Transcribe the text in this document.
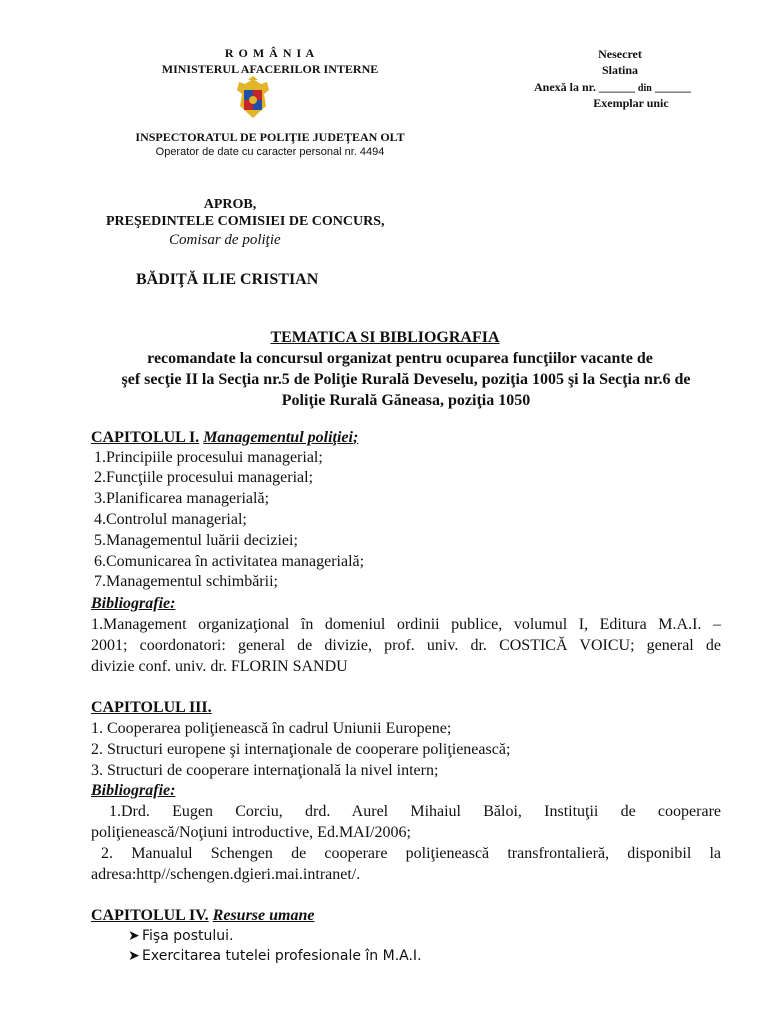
R O M Â N I A
MINISTERUL AFACERILOR INTERNE
INSPECTORATUL DE POLIŢIE JUDEŢEAN OLT
Operator de date cu caracter personal nr. 4494
Nesecret
Slatina
Anexă la nr. ______ din ______
Exemplar unic
APROB,
PREŞEDINTELE COMISIEI DE CONCURS,
Comisar de poliţie
BĂDIŢĂ ILIE CRISTIAN
TEMATICA SI BIBLIOGRAFIA
recomandate la concursul organizat pentru ocuparea funcţiilor vacante de
şef secţie II la Secţia nr.5 de Poliţie Rurală Deveselu, poziţia 1005 şi la Secţia nr.6 de
Poliţie Rurală Găneasa, poziţia 1050
CAPITOLUL I. Managementul poliţiei;
1.Principiile procesului managerial;
2.Funcţiile procesului managerial;
3.Planificarea managerială;
4.Controlul managerial;
5.Managementul luării deciziei;
6.Comunicarea în activitatea managerială;
7.Managementul schimbării;
Bibliografie:
1.Management organizaţional în domeniul ordinii publice, volumul I, Editura M.A.I. –
2001; coordonatori: general de divizie, prof. univ. dr. COSTICĂ VOICU; general de
divizie conf. univ. dr. FLORIN SANDU
CAPITOLUL III.
1. Cooperarea poliţienească în cadrul Uniunii Europene;
2. Structuri europene şi internaţionale de cooperare poliţienească;
3. Structuri de cooperare internaţională la nivel intern;
Bibliografie:
1.Drd. Eugen Corciu, drd. Aurel Mihaiul Băloi, Instituţii de cooperare
poliţienească/Noţiuni introductive, Ed.MAI/2006;
2. Manualul Schengen de cooperare poliţienească transfrontalieră, disponibil la
adresa:http//schengen.dgieri.mai.intranet/.
CAPITOLUL IV. Resurse umane
➤ Fişa postului.
➤ Exercitarea tutelei profesionale în M.A.I.
